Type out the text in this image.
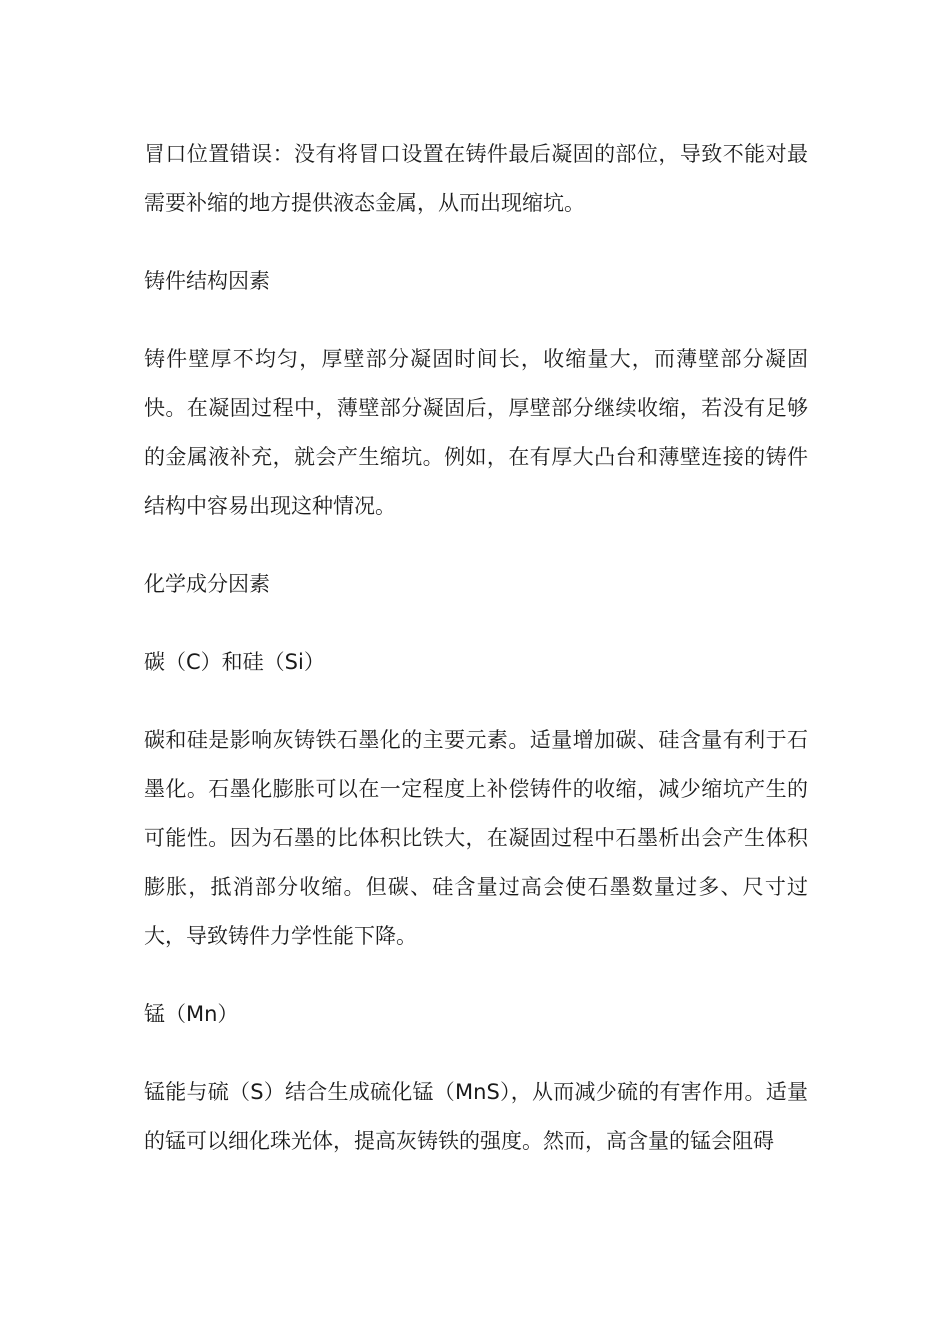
冒口位置错误：没有将冒口设置在铸件最后凝固的部位，导致不能对最需要补缩的地方提供液态金属，从而出现缩坑。

铸件结构因素

铸件壁厚不均匀，厚壁部分凝固时间长，收缩量大，而薄壁部分凝固快。在凝固过程中，薄壁部分凝固后，厚壁部分继续收缩，若没有足够的金属液补充，就会产生缩坑。例如，在有厚大凸台和薄壁连接的铸件结构中容易出现这种情况。

化学成分因素

碳（C）和硅（Si）

碳和硅是影响灰铸铁石墨化的主要元素。适量增加碳、硅含量有利于石墨化。石墨化膨胀可以在一定程度上补偿铸件的收缩，减少缩坑产生的可能性。因为石墨的比体积比铁大，在凝固过程中石墨析出会产生体积膨胀，抵消部分收缩。但碳、硅含量过高会使石墨数量过多、尺寸过大，导致铸件力学性能下降。

锰（Mn）

锰能与硫（S）结合生成硫化锰（MnS），从而减少硫的有害作用。适量的锰可以细化珠光体，提高灰铸铁的强度。然而，高含量的锰会阻碍
